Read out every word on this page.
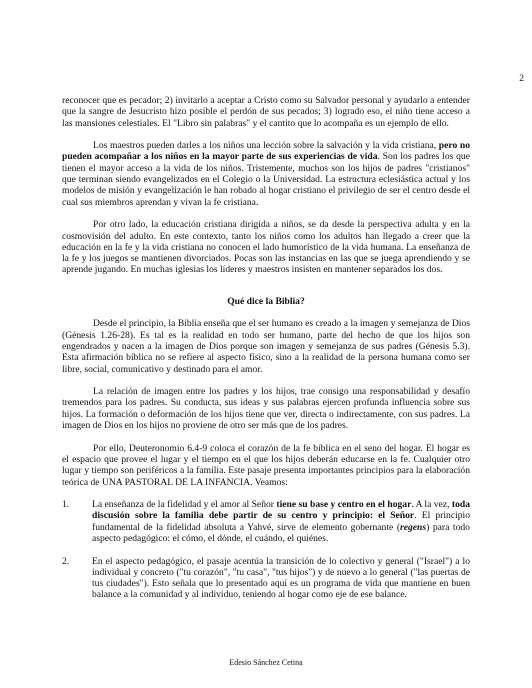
2

reconocer que es pecador; 2) invitarlo a aceptar a Cristo como su Salvador personal y ayudarlo a entender que la sangre de Jesucristo hizo posible el perdón de sus pecados; 3) logrado eso, el niño tiene acceso a las mansiones celestiales. El "Libro sin palabras" y el cantito que lo acompaña es un ejemplo de ello.

Los maestros pueden darles a los niños una lección sobre la salvación y la vida cristiana, pero no pueden acompañar a los niños en la mayor parte de sus experiencias de vida. Son los padres los que tienen el mayor acceso a la vida de los niños. Tristemente, muchos son los hijos de padres "cristianos" que terminan siendo evangelizados en el Colegio o la Universidad. La estructura eclesiástica actual y los modelos de misión y evangelización le han robado al hogar cristiano el privilegio de ser el centro desde el cual sus miembros aprendan y vivan la fe cristiana.

Por otro lado, la educación cristiana dirigida a niños, se da desde la perspectiva adulta y en la cosmovisión del adulto. En este contexto, tanto los niños como los adultos han llegado a creer que la educación en la fe y la vida cristiana no conocen el lado humorístico de la vida humana. La enseñanza de la fe y los juegos se mantienen divorciados. Pocas son las instancias en las que se juega aprendiendo y se aprende jugando. En muchas iglesias los líderes y maestros insisten en mantener separados los dos.

Qué dice la Biblia?

Desde el principio, la Biblia enseña que el ser humano es creado a la imagen y semejanza de Dios (Génesis 1.26-28). Es tal es la realidad en todo ser humano, parte del hecho de que los hijos son engendrados y nacen a la imagen de Dios porque son imagen y semejanza de sus padres (Génesis 5.3). Esta afirmación bíblica no se refiere al aspecto físico, sino a la realidad de la persona humana como ser libre, social, comunicativo y destinado para el amor.

La relación de imagen entre los padres y los hijos, trae consigo una responsabilidad y desafío tremendos para los padres. Su conducta, sus ideas y sus palabras ejercen profunda influencia sobre sus hijos. La formación o deformación de los hijos tiene que ver, directa o indirectamente, con sus padres. La imagen de Dios en los hijos no proviene de otro ser más que de los padres.

Por ello, Deuteronomio 6.4-9 coloca el corazón de la fe bíblica en el seno del hogar. El hogar es el espacio que provee el lugar y el tiempo en el que los hijos deberán educarse en la fe. Cualquier otro lugar y tiempo son periféricos a la familia. Este pasaje presenta importantes principios para la elaboración teórica de UNA PASTORAL DE LA INFANCIA. Veamos:

1. La enseñanza de la fidelidad y el amor al Señor tiene su base y centro en el hogar. A la vez, toda discusión sobre la familia debe partir de su centro y principio: el Señor. El principio fundamental de la fidelidad absoluta a Yahvé, sirve de elemento gobernante (regens) para todo aspecto pedagógico: el cómo, el dónde, el cuándo, el quiénes.
2. En el aspecto pedagógico, el pasaje acentúa la transición de lo colectivo y general ("Israel") a lo individual y concreto ("tu corazón", "tu casa", "tus hijos") y de nuevo a lo general ("las puertas de tus ciudades"). Esto señala que lo presentado aquí es un programa de vida que mantiene en buen balance a la comunidad y al individuo, teniendo al hogar como eje de ese balance.
Edesio Sánchez Cetina
